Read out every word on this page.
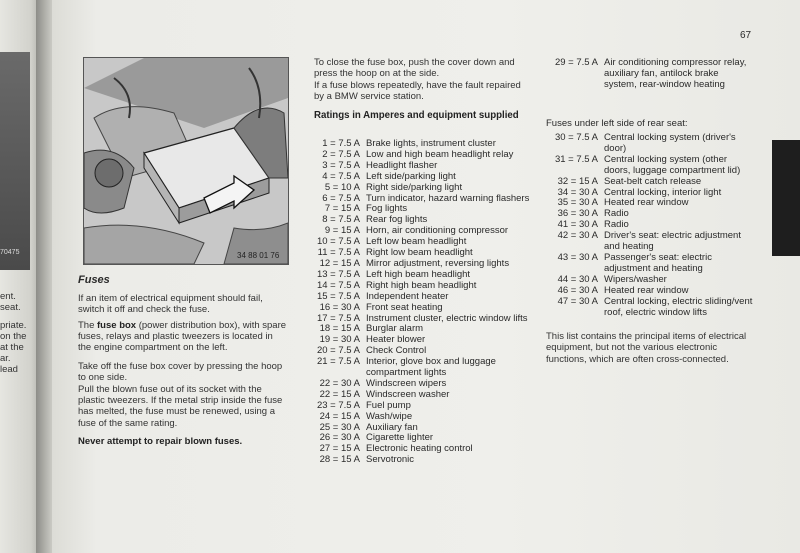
70475
ent.
seat.
priate.
on the
at the
ar.
lead
67
34 88 01 76
Fuses
If an item of electrical equipment should fail, switch it off and check the fuse.
The fuse box (power distribution box), with spare fuses, relays and plastic tweezers is located in the engine compartment on the left.
Take off the fuse box cover by pressing the hoop to one side.
Pull the blown fuse out of its socket with the plastic tweezers. If the metal strip inside the fuse has melted, the fuse must be renewed, using a fuse of the same rating.
Never attempt to repair blown fuses.
To close the fuse box, push the cover down and press the hoop on at the side.
If a fuse blows repeatedly, have the fault repaired by a BMW service station.
Ratings in Amperes and equipment supplied
1 = 7.5 A Brake lights, instrument cluster
2 = 7.5 A Low and high beam headlight relay
3 = 7.5 A Headlight flasher
4 = 7.5 A Left side/parking light
5 = 10 A Right side/parking light
6 = 7.5 A Turn indicator, hazard warning flashers
7 = 15 A Fog lights
8 = 7.5 A Rear fog lights
9 = 15 A Horn, air conditioning compressor
10 = 7.5 A Left low beam headlight
11 = 7.5 A Right low beam headlight
12 = 15 A Mirror adjustment, reversing lights
13 = 7.5 A Left high beam headlight
14 = 7.5 A Right high beam headlight
15 = 7.5 A Independent heater
16 = 30 A Front seat heating
17 = 7.5 A Instrument cluster, electric window lifts
18 = 15 A Burglar alarm
19 = 30 A Heater blower
20 = 7.5 A Check Control
21 = 7.5 A Interior, glove box and luggage compartment lights
22 = 30 A Windscreen wipers
22 = 15 A Windscreen washer
23 = 7.5 A Fuel pump
24 = 15 A Wash/wipe
25 = 30 A Auxiliary fan
26 = 30 A Cigarette lighter
27 = 15 A Electronic heating control
28 = 15 A Servotronic
29 = 7.5 A Air conditioning compressor relay, auxiliary fan, antilock brake system, rear-window heating
Fuses under left side of rear seat:
30 = 7.5 A Central locking system (driver's door)
31 = 7.5 A Central locking system (other doors, luggage compartment lid)
32 = 15 A Seat-belt catch release
34 = 30 A Central locking, interior light
35 = 30 A Heated rear window
36 = 30 A Radio
41 = 30 A Radio
42 = 30 A Driver's seat: electric adjustment and heating
43 = 30 A Passenger's seat: electric adjustment and heating
44 = 30 A Wipers/washer
46 = 30 A Heated rear window
47 = 30 A Central locking, electric sliding/vent roof, electric window lifts
This list contains the principal items of electrical equipment, but not the various electronic functions, which are often cross-connected.
